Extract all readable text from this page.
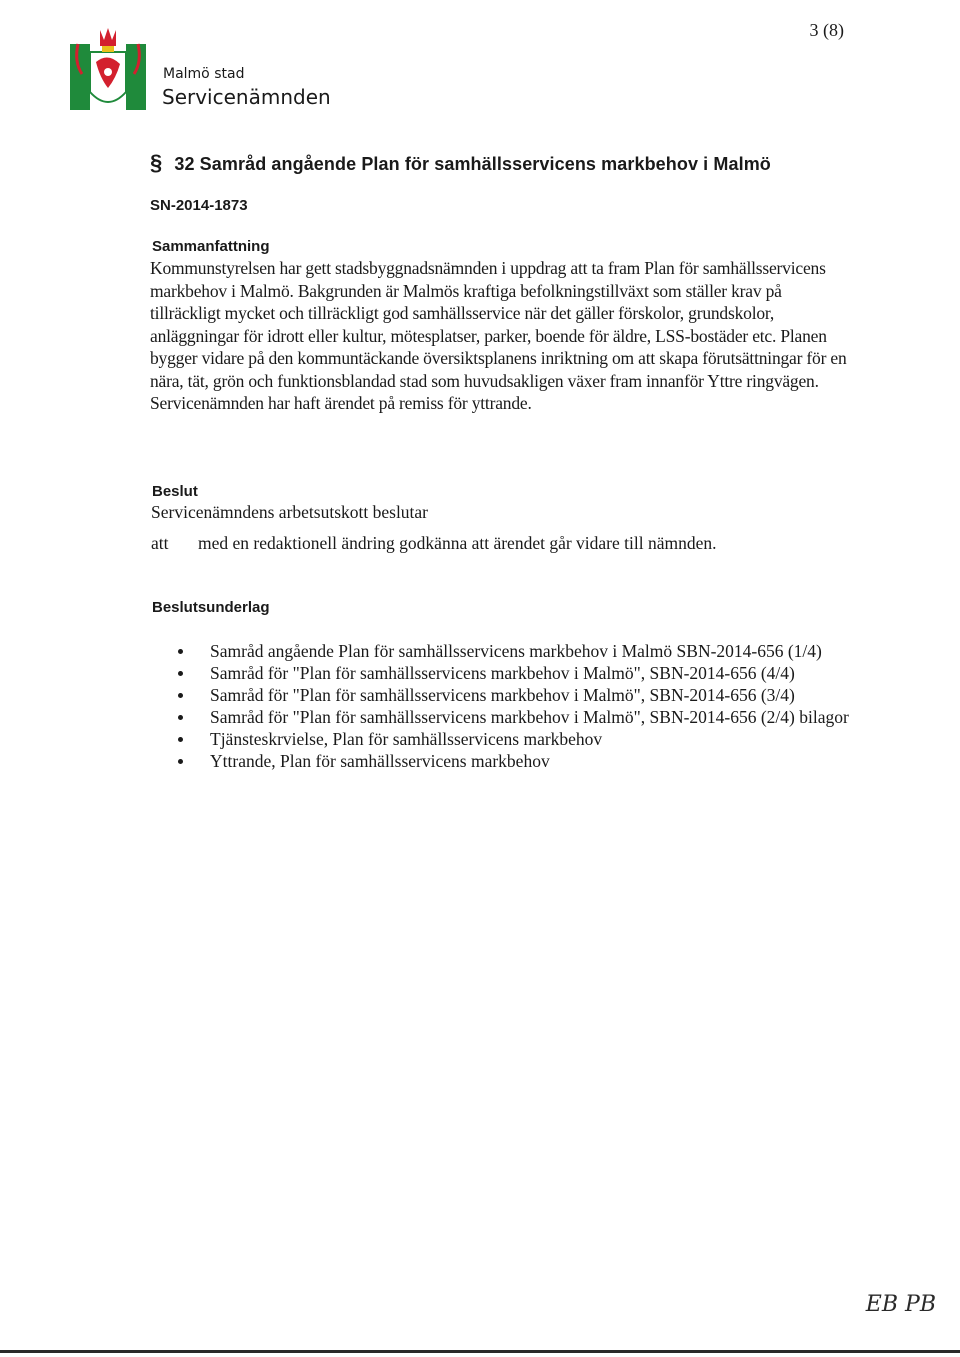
3 (8)
Malmö stad
Servicenämnden
§ 32 Samråd angående Plan för samhällsservicens markbehov i Malmö
SN-2014-1873
Sammanfattning
Kommunstyrelsen har gett stadsbyggnadsnämnden i uppdrag att ta fram Plan för samhällsservicens markbehov i Malmö. Bakgrunden är Malmös kraftiga befolkningstillväxt som ställer krav på tillräckligt mycket och tillräckligt god samhällsservice när det gäller förskolor, grundskolor, anläggningar för idrott eller kultur, mötesplatser, parker, boende för äldre, LSS-bostäder etc. Planen bygger vidare på den kommuntäckande översiktsplanens inriktning om att skapa förutsättningar för en nära, tät, grön och funktionsblandad stad som huvudsakligen växer fram innanför Yttre ringvägen. Servicenämnden har haft ärendet på remiss för yttrande.
Beslut
Servicenämndens arbetsutskott beslutar
att med en redaktionell ändring godkänna att ärendet går vidare till nämnden.
Beslutsunderlag
Samråd angående Plan för samhällsservicens markbehov i Malmö SBN-2014-656 (1/4)
Samråd för "Plan för samhällsservicens markbehov i Malmö", SBN-2014-656 (4/4)
Samråd för "Plan för samhällsservicens markbehov i Malmö", SBN-2014-656 (3/4)
Samråd för "Plan för samhällsservicens markbehov i Malmö", SBN-2014-656 (2/4) bilagor
Tjänsteskrvielse, Plan för samhällsservicens markbehov
Yttrande, Plan för samhällsservicens markbehov
EB PB
